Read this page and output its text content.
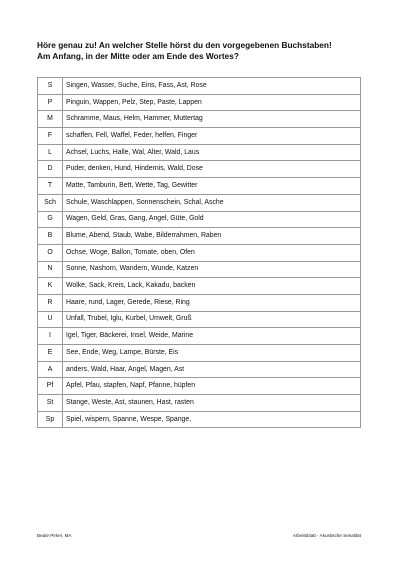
Höre genau zu! An welcher Stelle hörst du den vorgegebenen Buchstaben!
Am Anfang, in der Mitte oder am Ende des Wortes?
S	Singen, Wasser, Suche, Eins, Fass, Ast, Rose
P	Pinguin, Wappen, Pelz, Step, Paste, Lappen
M	Schramme, Maus, Helm, Hammer, Muttertag
F	schaffen, Fell, Waffel, Feder, helfen, Finger
L	Achsel, Luchs, Halle, Wal, Alter, Wald, Laus
D	Puder, denken, Hund, Hindernis, Wald, Dose
T	Matte, Tamburin, Bett, Wette, Tag, Gewitter
Sch	Schule, Waschlappen, Sonnenschein, Schal, Asche
G	Wagen, Geld, Gras, Gang, Angel, Güte, Gold
B	Blume, Abend, Staub, Wabe, Bilderrahmen, Raben
O	Ochse, Woge, Ballon, Tomate, oben, Ofen
N	Sonne, Nashorn, Wandern, Wunde, Katzen
K	Wolke, Sack, Kreis, Lack, Kakadu, backen
R	Haare, rund, Lager, Gerede, Riese, Ring
U	Unfall, Trubel, Iglu, Kurbel, Umwelt, Gruß
I	Igel, Tiger, Bäckerei, Insel, Weide, Marine
E	See, Ende, Weg, Lampe, Bürste, Eis
A	anders, Wald, Haar, Angel, Magen, Ast
Pf	Apfel, Pfau, stapfen, Napf, Pfanne, hüpfen
St	Stange, Weste, Ast, staunen, Hast, rasten
Sp	Spiel, wispern, Spanne, Wespe, Spange,
Beate Pirker, MA	Arbeitsblatt - Akustische Serialität
